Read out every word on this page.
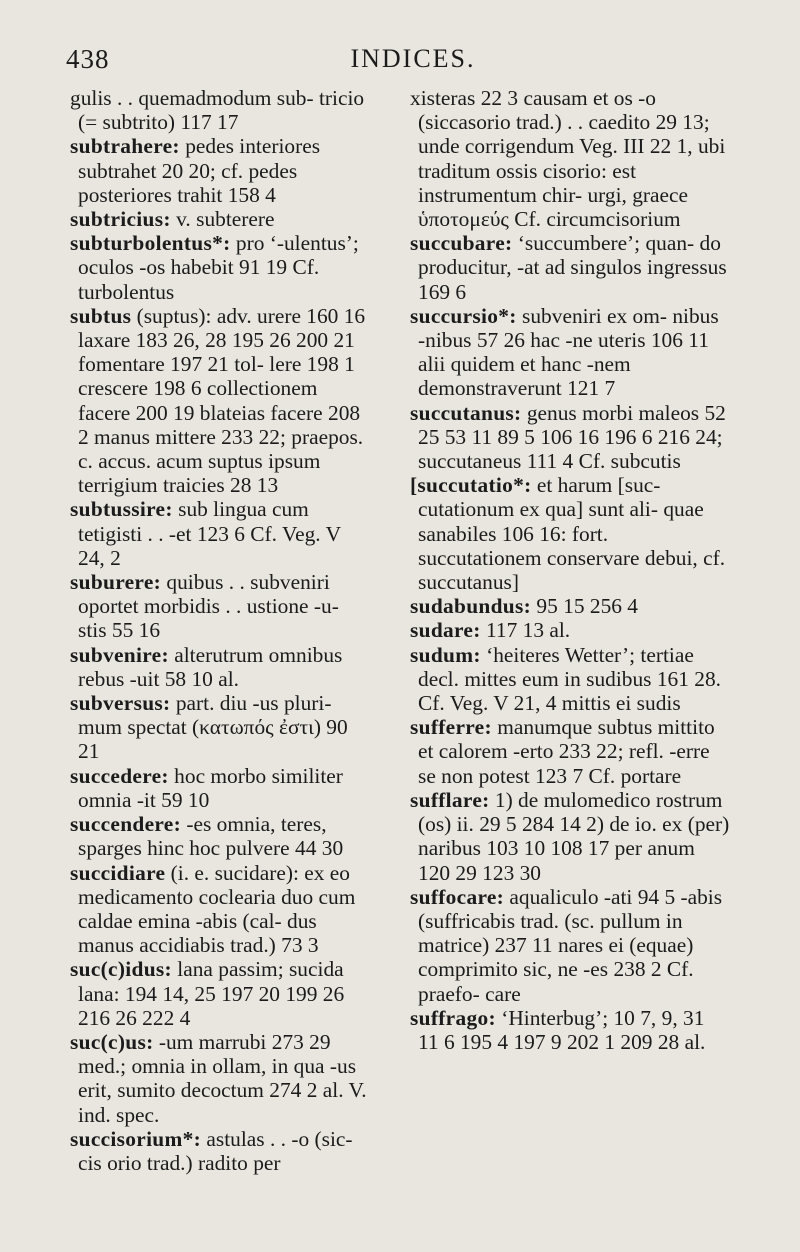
438	INDICES.

gulis . . quemadmodum sub- tricio (= subtrito) 117 17

subtrahere: pedes interiores subtrahet 20 20; cf. pedes posteriores trahit 158 4

subtricius: v. subterere

subturbolentus*: pro ‘-ulentus’; oculos -os habebit 91 19 Cf. turbolentus

subtus (suptus): adv. urere 160 16 laxare 183 26, 28 195 26 200 21 fomentare 197 21 tol- lere 198 1 crescere 198 6 collectionem facere 200 19 blateias facere 208 2 manus mittere 233 22; praepos. c. accus. acum suptus ipsum terrigium traicies 28 13

subtussire: sub lingua cum tetigisti . . -et 123 6 Cf. Veg. V 24, 2

suburere: quibus . . subveniri oportet morbidis . . ustione -u- stis 55 16

subvenire: alterutrum omnibus rebus -uit 58 10 al.

subversus: part. diu -us pluri- mum spectat (κατωπός ἐστι) 90 21

succedere: hoc morbo similiter omnia -it 59 10

succendere: -es omnia, teres, sparges hinc hoc pulvere 44 30

succidiare (i. e. sucidare): ex eo medicamento coclearia duo cum caldae emina -abis (cal- dus manus accidiabis trad.) 73 3

suc(c)idus: lana passim; sucida lana: 194 14, 25 197 20 199 26 216 26 222 4

suc(c)us: -um marrubi 273 29 med.; omnia in ollam, in qua -us erit, sumito decoctum 274 2 al. V. ind. spec.

succisorium*: astulas . . -o (sic- cis orio trad.) radito per

xisteras 22 3 causam et os -o (siccasorio trad.) . . caedito 29 13; unde corrigendum Veg. III 22 1, ubi traditum ossis cisorio: est instrumentum chir- urgi, graece ὑποτομεύς Cf. circumcisorium

succubare: ‘succumbere’; quan- do producitur, -at ad singulos ingressus 169 6

succursio*: subveniri ex om- nibus -nibus 57 26 hac -ne uteris 106 11 alii quidem et hanc -nem demonstraverunt 121 7

succutanus: genus morbi maleos 52 25 53 11 89 5 106 16 196 6 216 24; succutaneus 111 4 Cf. subcutis

[succutatio*: et harum [suc- cutationum ex qua] sunt ali- quae sanabiles 106 16: fort. succutationem conservare debui, cf. succutanus]

sudabundus: 95 15 256 4

sudare: 117 13 al.

sudum: ‘heiteres Wetter’; tertiae decl. mittes eum in sudibus 161 28. Cf. Veg. V 21, 4 mittis ei sudis

sufferre: manumque subtus mittito et calorem -erto 233 22; refl. -erre se non potest 123 7 Cf. portare

sufflare: 1) de mulomedico rostrum (os) ii. 29 5 284 14 2) de io. ex (per) naribus 103 10 108 17 per anum 120 29 123 30

suffocare: aqualiculo -ati 94 5 -abis (suffricabis trad. (sc. pullum in matrice) 237 11 nares ei (equae) comprimito sic, ne -es 238 2 Cf. praefo- care

suffrago: ‘Hinterbug’; 10 7, 9, 31 11 6 195 4 197 9 202 1 209 28 al.
